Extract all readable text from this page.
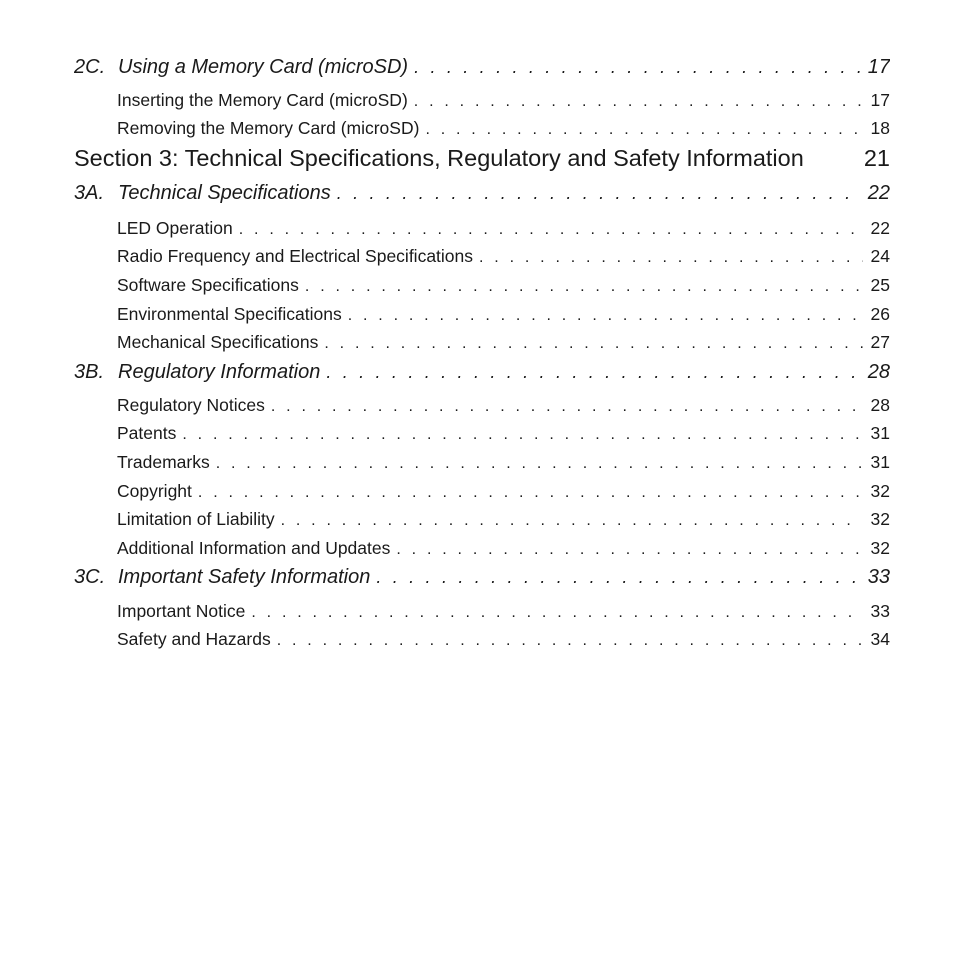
2C. Using a Memory Card (microSD) . . .	17
Inserting the Memory Card (microSD) . . .	17
Removing the Memory Card (microSD) . . .	18
Section 3: Technical Specifications, Regulatory and Safety Information	21
3A. Technical Specifications . . .	22
LED Operation . . .	22
Radio Frequency and Electrical Specifications . . .	24
Software Specifications . . .	25
Environmental Specifications . . .	26
Mechanical Specifications . . .	27
3B. Regulatory Information . . .	28
Regulatory Notices . . .	28
Patents . . .	31
Trademarks . . .	31
Copyright . . .	32
Limitation of Liability . . .	32
Additional Information and Updates . . .	32
3C. Important Safety Information . . .	33
Important Notice . . .	33
Safety and Hazards . . .	34
